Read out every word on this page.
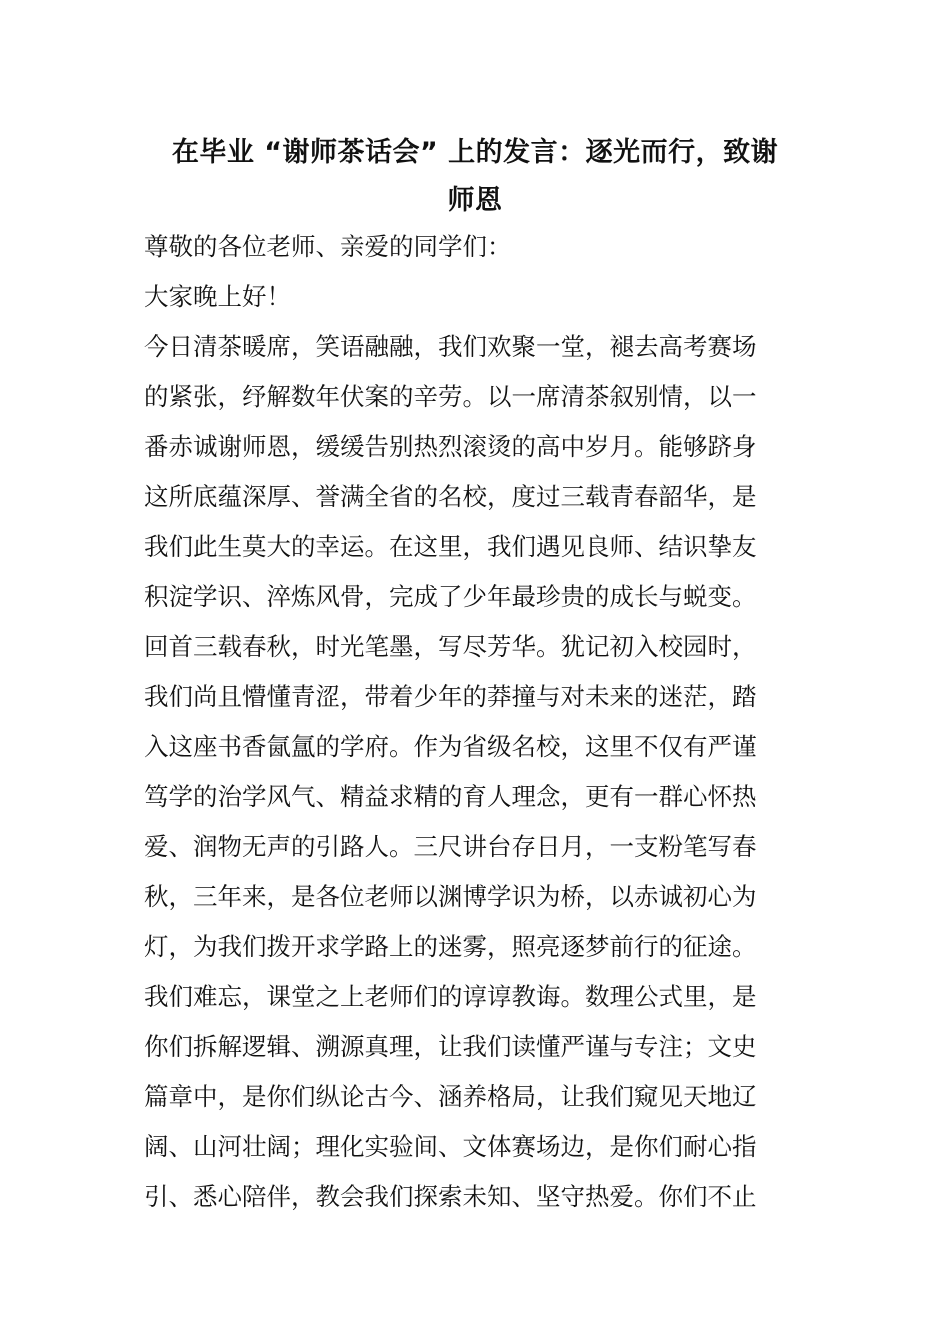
在毕业 “谢师茶话会” 上的发言：逐光而行，致谢
师恩

尊敬的各位老师、亲爱的同学们：

大家晚上好！

今日清茶暖席，笑语融融，我们欢聚一堂，褪去高考赛场

的紧张，纾解数年伏案的辛劳。以一席清茶叙别情，以一

番赤诚谢师恩，缓缓告别热烈滚烫的高中岁月。能够跻身

这所底蕴深厚、誉满全省的名校，度过三载青春韶华，是

我们此生莫大的幸运。在这里，我们遇见良师、结识挚友

积淀学识、淬炼风骨，完成了少年最珍贵的成长与蜕变。

回首三载春秋，时光笔墨，写尽芳华。犹记初入校园时，

我们尚且懵懂青涩，带着少年的莽撞与对未来的迷茫，踏

入这座书香氤氲的学府。作为省级名校，这里不仅有严谨

笃学的治学风气、精益求精的育人理念，更有一群心怀热

爱、润物无声的引路人。三尺讲台存日月，一支粉笔写春

秋，三年来，是各位老师以渊博学识为桥，以赤诚初心为

灯，为我们拨开求学路上的迷雾，照亮逐梦前行的征途。

我们难忘，课堂之上老师们的谆谆教诲。数理公式里，是

你们拆解逻辑、溯源真理，让我们读懂严谨与专注；文史

篇章中，是你们纵论古今、涵养格局，让我们窥见天地辽

阔、山河壮阔；理化实验间、文体赛场边，是你们耐心指

引、悉心陪伴，教会我们探索未知、坚守热爱。你们不止
